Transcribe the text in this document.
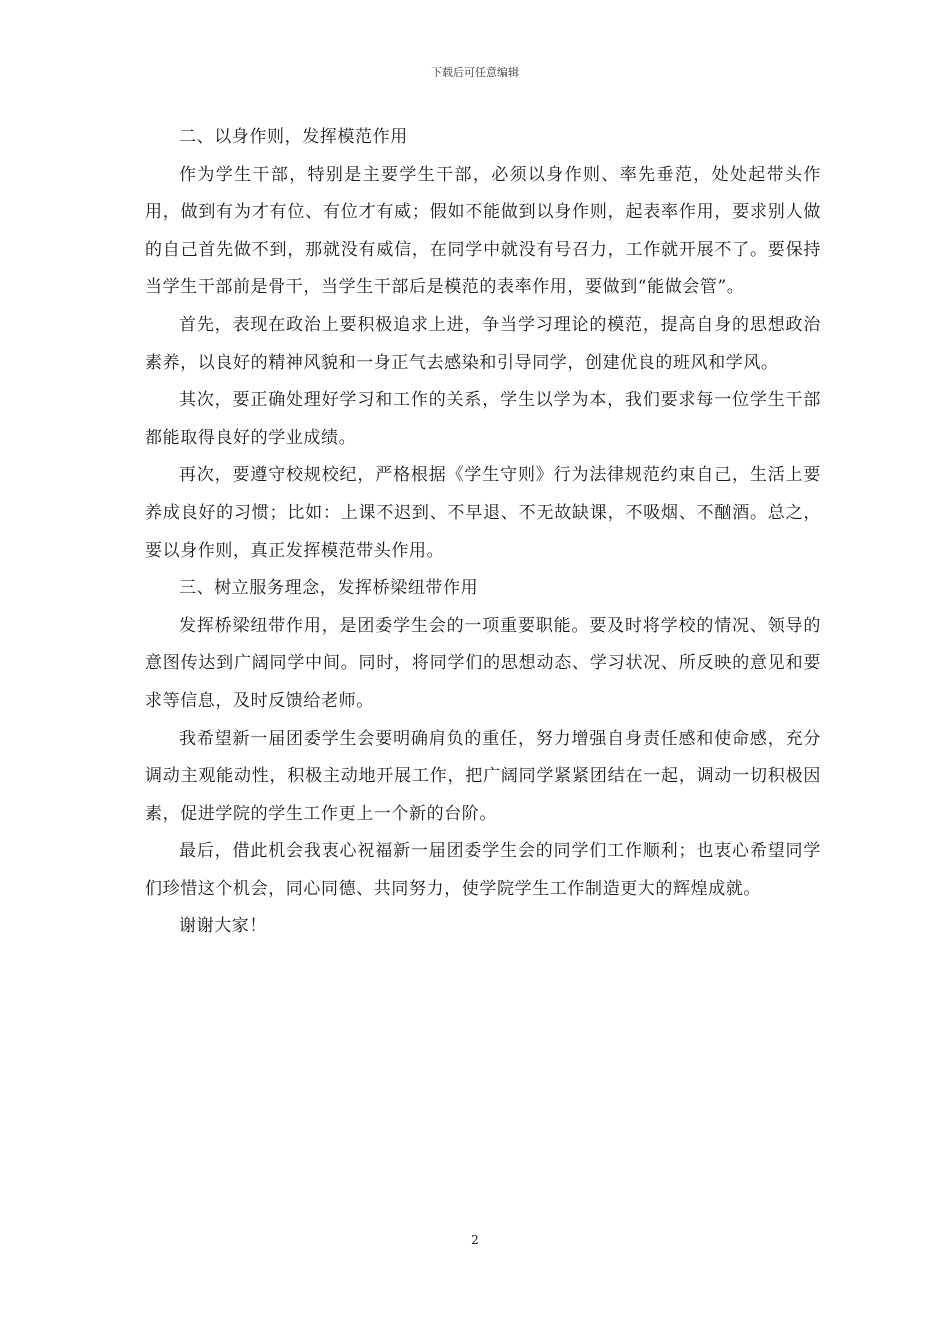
下载后可任意编辑

二、以身作则，发挥模范作用

作为学生干部，特别是主要学生干部，必须以身作则、率先垂范，处处起带头作用，做到有为才有位、有位才有威；假如不能做到以身作则，起表率作用，要求别人做的自己首先做不到，那就没有威信，在同学中就没有号召力，工作就开展不了。要保持当学生干部前是骨干，当学生干部后是模范的表率作用，要做到“能做会管”。

首先，表现在政治上要积极追求上进，争当学习理论的模范，提高自身的思想政治素养，以良好的精神风貌和一身正气去感染和引导同学，创建优良的班风和学风。

其次，要正确处理好学习和工作的关系，学生以学为本，我们要求每一位学生干部都能取得良好的学业成绩。

再次，要遵守校规校纪，严格根据《学生守则》行为法律规范约束自己，生活上要养成良好的习惯；比如：上课不迟到、不早退、不无故缺课，不吸烟、不酗酒。总之，要以身作则，真正发挥模范带头作用。

三、树立服务理念，发挥桥梁纽带作用

发挥桥梁纽带作用，是团委学生会的一项重要职能。要及时将学校的情况、领导的意图传达到广阔同学中间。同时，将同学们的思想动态、学习状况、所反映的意见和要求等信息，及时反馈给老师。

我希望新一届团委学生会要明确肩负的重任，努力增强自身责任感和使命感，充分调动主观能动性，积极主动地开展工作，把广阔同学紧紧团结在一起，调动一切积极因素，促进学院的学生工作更上一个新的台阶。

最后，借此机会我衷心祝福新一届团委学生会的同学们工作顺利；也衷心希望同学们珍惜这个机会，同心同德、共同努力，使学院学生工作制造更大的辉煌成就。

谢谢大家！

2
